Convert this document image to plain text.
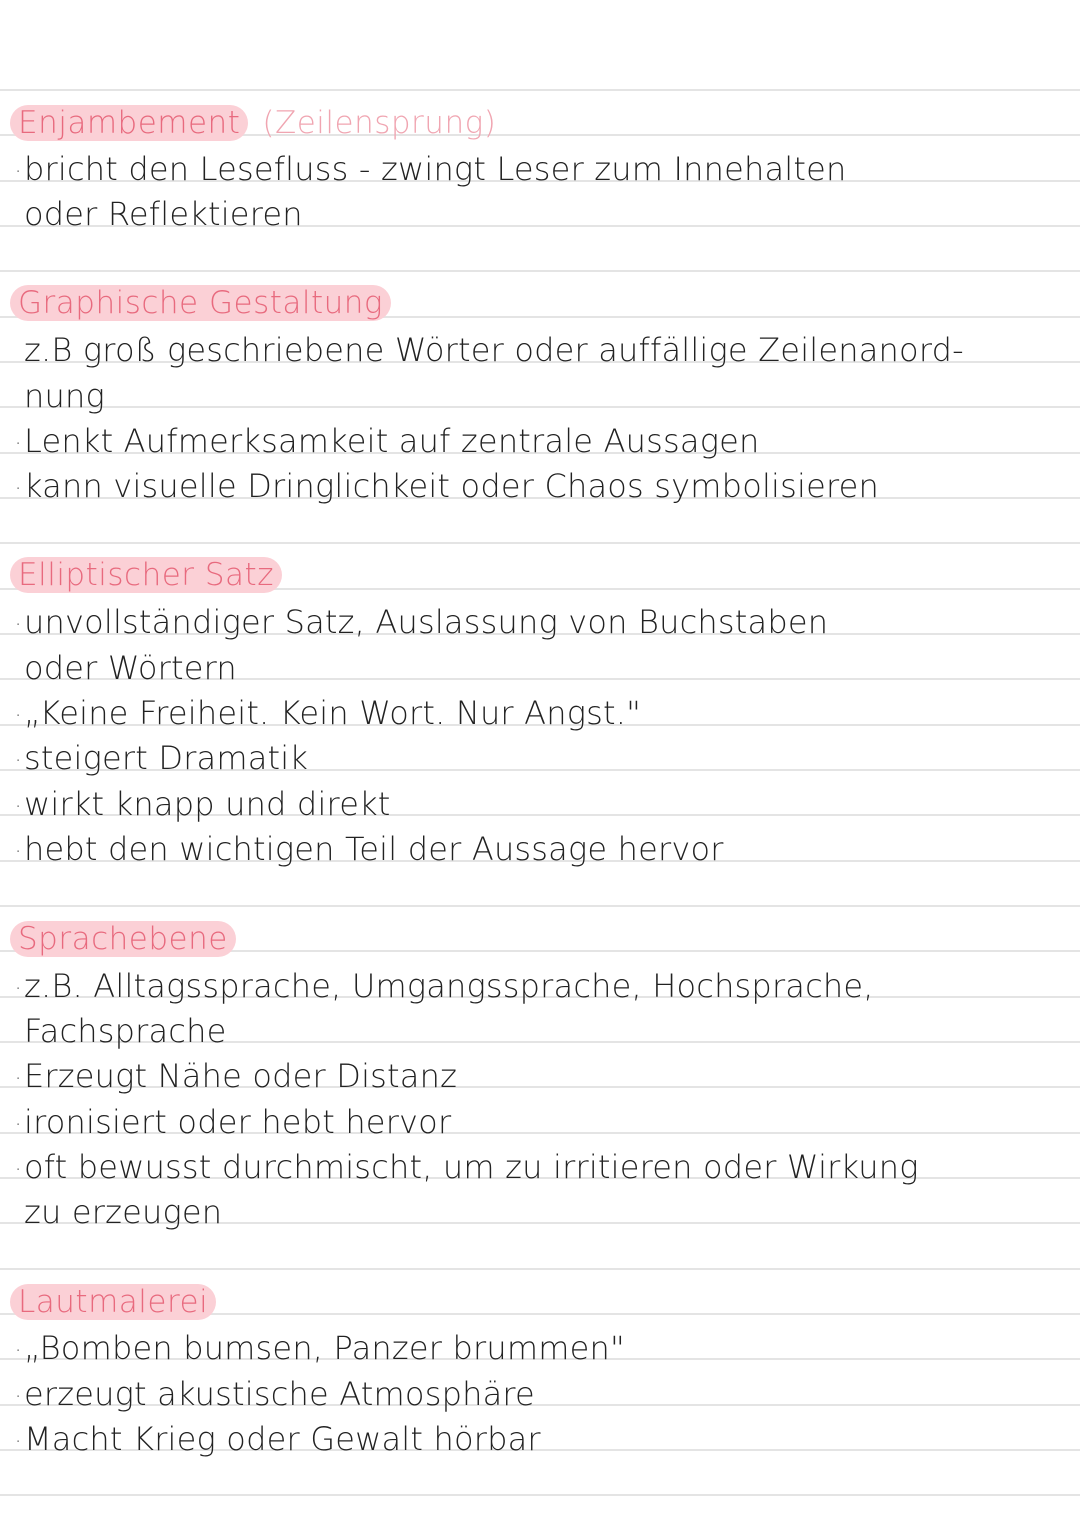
Enjambement (Zeilensprung)
· bricht den Lesefluss - zwingt Leser zum Innehalten
oder Reflektieren
Graphische Gestaltung
z.B groß geschriebene Wörter oder auffällige Zeilenanord-
nung
· Lenkt Aufmerksamkeit auf zentrale Aussagen
· kann visuelle Dringlichkeit oder Chaos symbolisieren
Elliptischer Satz
· unvollständiger Satz, Auslassung von Buchstaben
oder Wörtern
· „Keine Freiheit. Kein Wort. Nur Angst."
· steigert Dramatik
· wirkt knapp und direkt
· hebt den wichtigen Teil der Aussage hervor
Sprachebene
· z.B. Alltagssprache, Umgangssprache, Hochsprache,
Fachsprache
· Erzeugt Nähe oder Distanz
· ironisiert oder hebt hervor
· oft bewusst durchmischt, um zu irritieren oder Wirkung
zu erzeugen
Lautmalerei
· „Bomben bumsen, Panzer brummen"
· erzeugt akustische Atmosphäre
· Macht Krieg oder Gewalt hörbar
